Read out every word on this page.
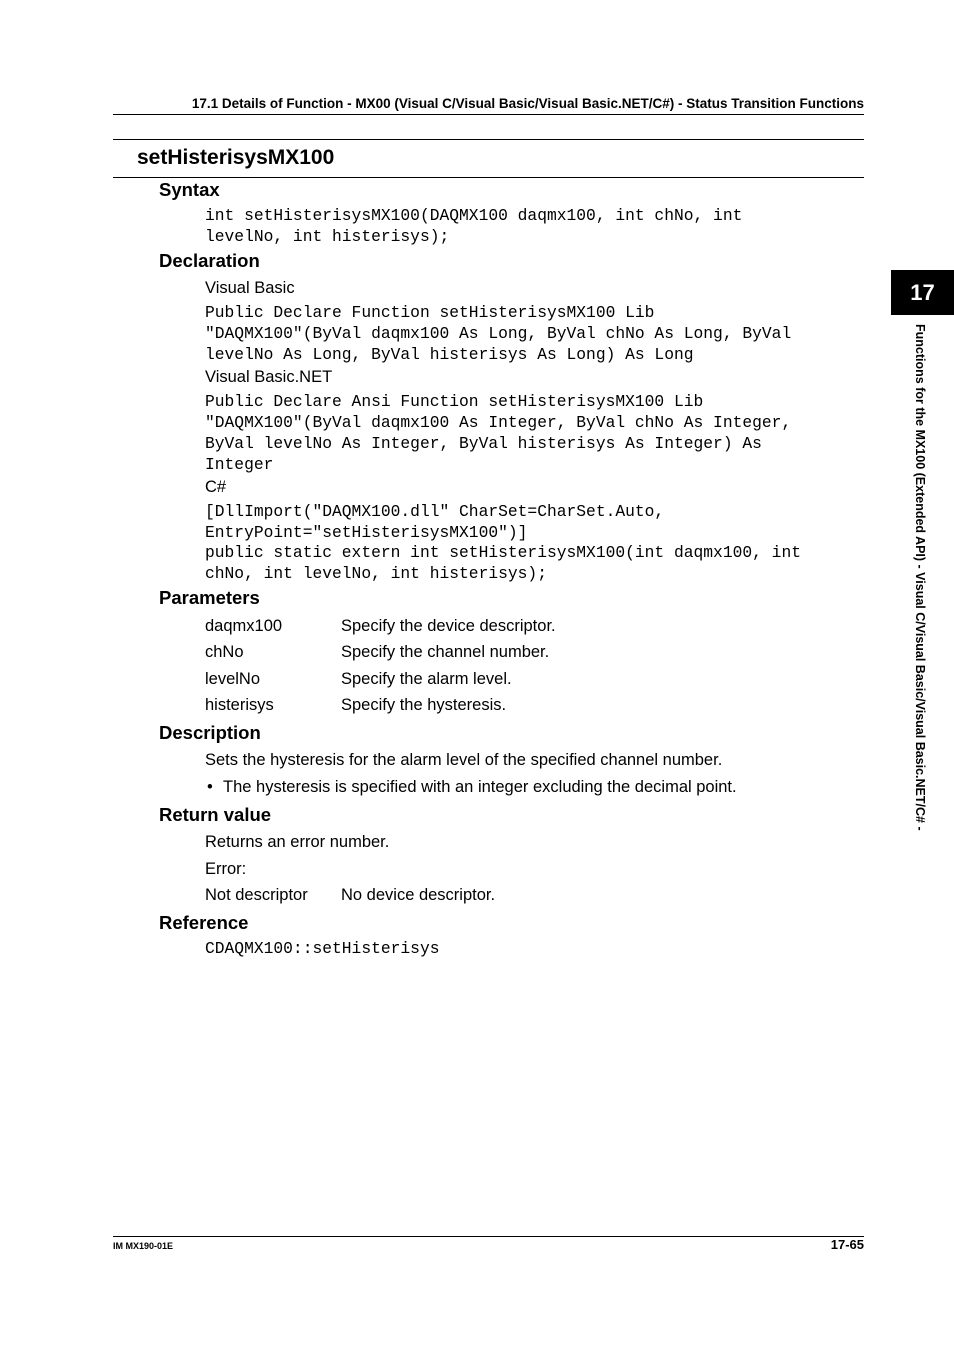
17.1 Details of Function - MX00 (Visual C/Visual Basic/Visual Basic.NET/C#) - Status Transition Functions
setHisterisysMX100
Syntax
int setHisterisysMX100(DAQMX100 daqmx100, int chNo, int
levelNo, int histerisys);
Declaration
Visual Basic
Public Declare Function setHisterisysMX100 Lib
"DAQMX100"(ByVal daqmx100 As Long, ByVal chNo As Long, ByVal
levelNo As Long, ByVal histerisys As Long) As Long
Visual Basic.NET
Public Declare Ansi Function setHisterisysMX100 Lib
"DAQMX100"(ByVal daqmx100 As Integer, ByVal chNo As Integer,
ByVal levelNo As Integer, ByVal histerisys As Integer) As
Integer
C#
[DllImport("DAQMX100.dll" CharSet=CharSet.Auto,
EntryPoint="setHisterisysMX100")]
public static extern int setHisterisysMX100(int daqmx100, int
chNo, int levelNo, int histerisys);
Parameters
daqmx100	Specify the device descriptor.
chNo	Specify the channel number.
levelNo	Specify the alarm level.
histerisys	Specify the hysteresis.
Description
Sets the hysteresis for the alarm level of the specified channel number.
• The hysteresis is specified with an integer excluding the decimal point.
Return value
Returns an error number.
Error:
Not descriptor No device descriptor.
Reference
CDAQMX100::setHisterisys
17
Functions for the MX100 (Extended API) - Visual C/Visual Basic/Visual Basic.NET/C# -
IM MX190-01E	17-65
